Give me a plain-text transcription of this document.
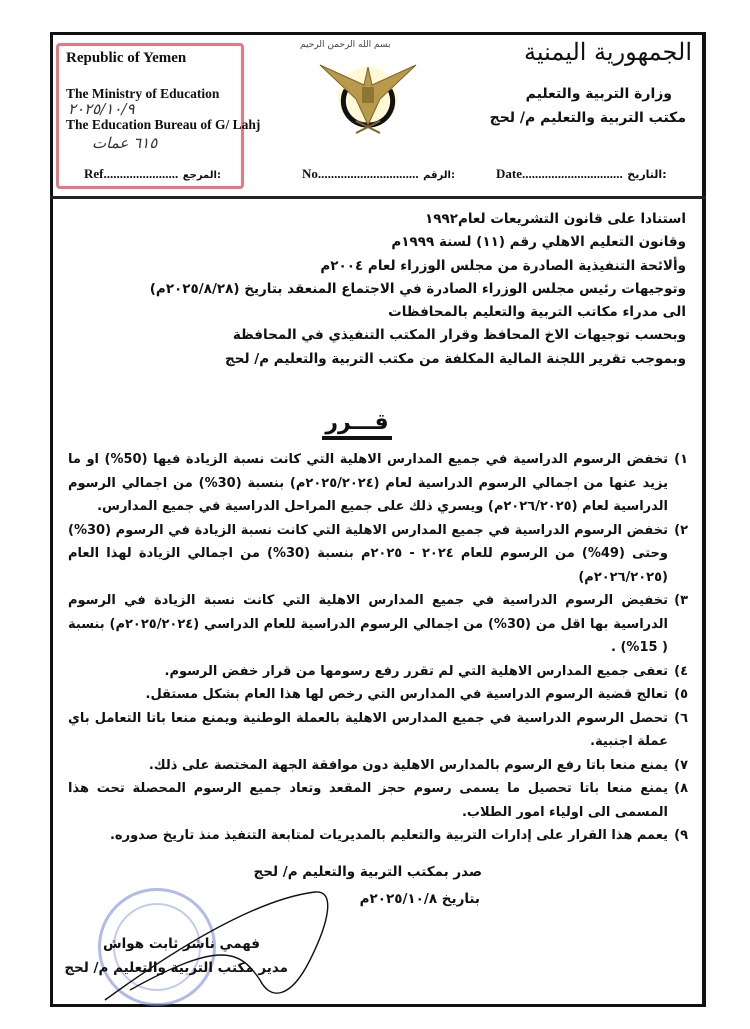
Republic of Yemen
The Ministry of Education
The Education Bureau of G/ Lahj
٢٠٢٥/١٠/٩
٦١٥ عمات
بسم الله الرحمن الرحيم	الجمهورية اليمنية
وزارة التربية والتعليم
مكتب التربية والتعليم م/ لحج
Ref....................... المرجع:	No............................... الرقم:	Date............................... التاريخ:
استنادا على قانون التشريعات لعام١٩٩٢
وقانون التعليم الاهلي رقم (١١) لسنة ١٩٩٩م
وألائحة التنفيذية الصادرة من مجلس الوزراء لعام ٢٠٠٤م
وتوجيهات رئيس مجلس الوزراء الصادرة في الاجتماع المنعقد بتاريخ (٢٠٢٥/٨/٢٨م)
الى مدراء مكاتب التربية والتعليم بالمحافظات
وبحسب توجيهات الاخ المحافظ وقرار المكتب التنفيذي في المحافظة
وبموجب تقرير اللجنة المالية المكلفة من مكتب التربية والتعليم م/ لحج
قـــرر
١)
تخفض الرسوم الدراسية في جميع المدارس الاهلية التي كانت نسبة الزيادة فيها (50%) او ما يزيد عنها من اجمالي الرسوم الدراسية لعام (٢٠٢٥/٢٠٢٤م) بنسبة (30%) من اجمالي الرسوم الدراسية لعام (٢٠٢٦/٢٠٢٥م) ويسري ذلك على جميع المراحل الدراسية في جميع المدارس.
٢)
تخفض الرسوم الدراسية في جميع المدارس الاهلية التي كانت نسبة الزيادة في الرسوم (30%) وحتى (49%) من الرسوم للعام ٢٠٢٤ - ٢٠٢٥م بنسبة (30%) من اجمالي الزيادة لهذا العام (٢٠٢٦/٢٠٢٥م)
٣)
تخفيض الرسوم الدراسية في جميع المدارس الاهلية التي كانت نسبة الزيادة في الرسوم الدراسية بها اقل من (30%) من اجمالي الرسوم الدراسية للعام الدراسي (٢٠٢٥/٢٠٢٤م) بنسبة ( 15%) .
٤)
تعفى جميع المدارس الاهلية التي لم تقرر رفع رسومها من قرار خفض الرسوم.
٥)
تعالج قضية الرسوم الدراسية في المدارس التي رخص لها هذا العام بشكل مستقل.
٦)
تحصل الرسوم الدراسية في جميع المدارس الاهلية بالعملة الوطنية ويمنع منعا باتا التعامل باي عملة اجنبية.
٧)
يمنع منعا باتا رفع الرسوم بالمدارس الاهلية دون موافقة الجهة المختصة على ذلك.
٨)
يمنع منعا باتا تحصيل ما يسمى رسوم حجز المقعد وتعاد جميع الرسوم المحصلة تحت هذا المسمى الى اولياء امور الطلاب.
٩)
يعمم هذا القرار على إدارات التربية والتعليم بالمديريات لمتابعة التنفيذ منذ تاريخ صدوره.
صدر بمكتب التربية والتعليم م/ لحج
بتاريخ ٢٠٢٥/١٠/٨م
فهمي ناشر ثابت هواش
مدير مكتب التربية والتعليم م/ لحج
